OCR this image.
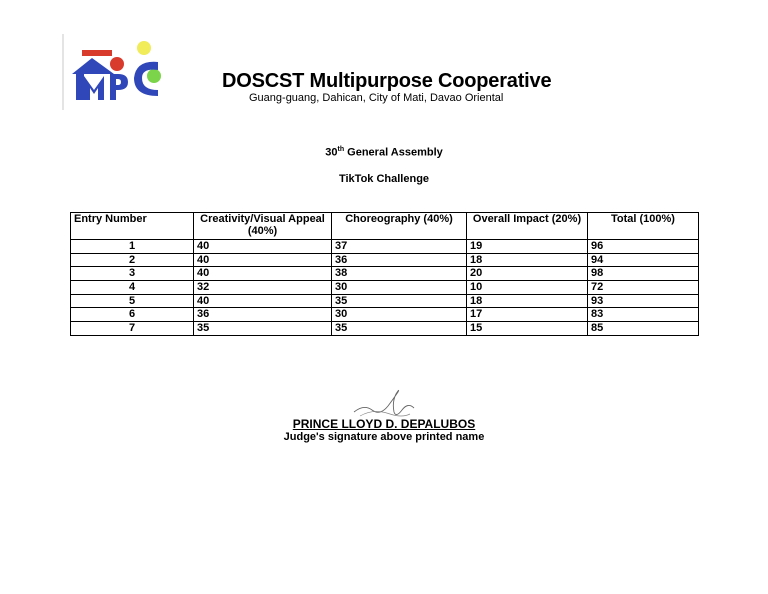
DOSCST Multipurpose Cooperative
Guang-guang, Dahican, City of Mati, Davao Oriental
30th General Assembly
TikTok Challenge
Entry Number	Creativity/Visual Appeal (40%)	Choreography (40%)	Overall Impact (20%)	Total (100%)
1	40	37	19	96
2	40	36	18	94
3	40	38	20	98
4	32	30	10	72
5	40	35	18	93
6	36	30	17	83
7	35	35	15	85
PRINCE LLOYD D. DEPALUBOS
Judge's signature above printed name
